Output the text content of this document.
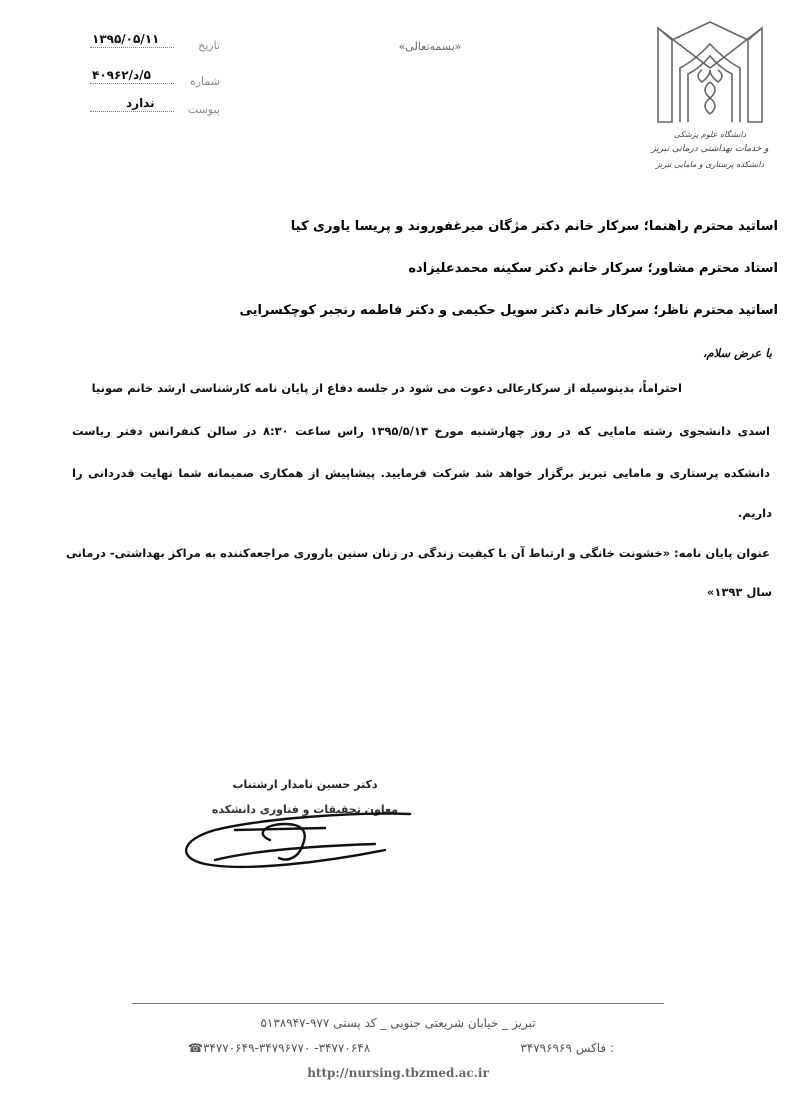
تاریخ
۱۳۹۵/۰۵/۱۱
شماره
۵/د/۴۰۹۶۲
پیوست
ندارد
«بسمه‌تعالی»
دانشگاه علوم پزشکی
و خدمات بهداشتی درمانی تبریز
دانشکده پرستاری و مامایی تبریز
اساتید محترم راهنما؛ سرکار خانم دکتر مژگان میرغفوروند و پریسا یاوری کیا
استاد محترم مشاور؛ سرکار خانم دکتر سکینه محمدعلیزاده
اساتید محترم ناظر؛ سرکار خانم دکتر سویل حکیمی و دکتر فاطمه رنجبر کوچکسرایی
با عرض سلام،
احتراماً، بدینوسیله از سرکارعالی دعوت می شود در جلسه دفاع از پایان نامه کارشناسی ارشد خانم صونیا
اسدی دانشجوی رشته مامایی که در روز چهارشنبه مورخ ۱۳۹۵/۵/۱۳ راس ساعت ۸:۳۰ در سالن کنفرانس دفتر ریاست
دانشکده پرستاری و مامایی تبریز برگزار خواهد شد شرکت فرمایید. پیشاپیش از همکاری صمیمانه شما نهایت قدردانی را
داریم.
عنوان پایان نامه: «خشونت خانگی و ارتباط آن با کیفیت زندگی در زنان سنین باروری مراجعه‌کننده به مراکز بهداشتی- درمانی
سال ۱۳۹۳»
دکتر حسین نامدار ارشتناب
معاون تحقیقات و فناوری دانشکده
تبریز _ خیابان شریعتی جنوبی _ کد پستی ۹۷۷-۵۱۳۸۹۴۷
☎۳۴۷۷۰۶۴۸- ۳۴۷۷۰۶۴۹-۳۴۷۹۶۷۷۰	: فاکس ۳۴۷۹۶۹۶۹
http://nursing.tbzmed.ac.ir
